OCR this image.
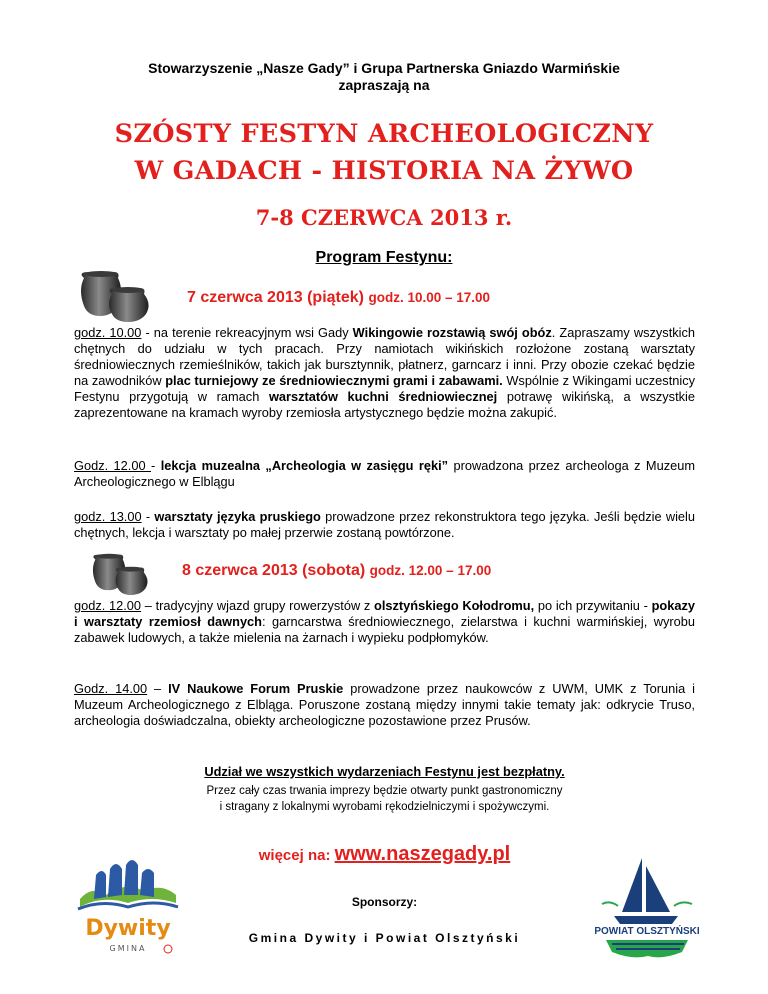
Stowarzyszenie „Nasze Gady” i Grupa Partnerska Gniazdo Warmińskie
zapraszają na
SZÓSTY FESTYN ARCHEOLOGICZNY
W GADACH - HISTORIA NA ŻYWO
7-8 CZERWCA 2013 r.
Program Festynu:
7 czerwca 2013 (piątek) godz. 10.00 – 17.00
godz. 10.00 - na terenie rekreacyjnym wsi Gady Wikingowie rozstawią swój obóz. Zapraszamy wszystkich chętnych do udziału w tych pracach. Przy namiotach wikińskich rozłożone zostaną warsztaty średniowiecznych rzemieślników, takich jak bursztynnik, płatnerz, garncarz i inni. Przy obozie czekać będzie na zawodników plac turniejowy ze średniowiecznymi grami i zabawami. Wspólnie z Wikingami uczestnicy Festynu przygotują w ramach warsztatów kuchni średniowiecznej potrawę wikińską, a wszystkie zaprezentowane na kramach wyroby rzemiosła artystycznego będzie można zakupić.
Godz. 12.00 - lekcja muzealna „Archeologia w zasięgu ręki” prowadzona przez archeologa z Muzeum Archeologicznego w Elblągu
godz. 13.00 - warsztaty języka pruskiego prowadzone przez rekonstruktora tego języka. Jeśli będzie wielu chętnych, lekcja i warsztaty po małej przerwie zostaną powtórzone.
8 czerwca 2013 (sobota) godz. 12.00 – 17.00
godz. 12.00 – tradycyjny wjazd grupy rowerzystów z olsztyńskiego Kołodromu, po ich przywitaniu - pokazy i warsztaty rzemiosł dawnych: garncarstwa średniowiecznego, zielarstwa i kuchni warmińskiej, wyrobu zabawek ludowych, a także mielenia na żarnach i wypieku podpłomyków.
Godz. 14.00 – IV Naukowe Forum Pruskie prowadzone przez naukowców z UWM, UMK z Torunia i Muzeum Archeologicznego z Elbląga. Poruszone zostaną między innymi takie tematy jak: odkrycie Truso, archeologia doświadczalna, obiekty archeologiczne pozostawione przez Prusów.
Udział we wszystkich wydarzeniach Festynu jest bezpłatny.
Przez cały czas trwania imprezy będzie otwarty punkt gastronomiczny
i stragany z lokalnymi wyrobami rękodzielniczymi i spożywczymi.
więcej na: www.naszegady.pl
Sponsorzy:
Gmina Dywity i Powiat Olsztyński
Dywity
GMINA
POWIAT OLSZTYŃSKI
